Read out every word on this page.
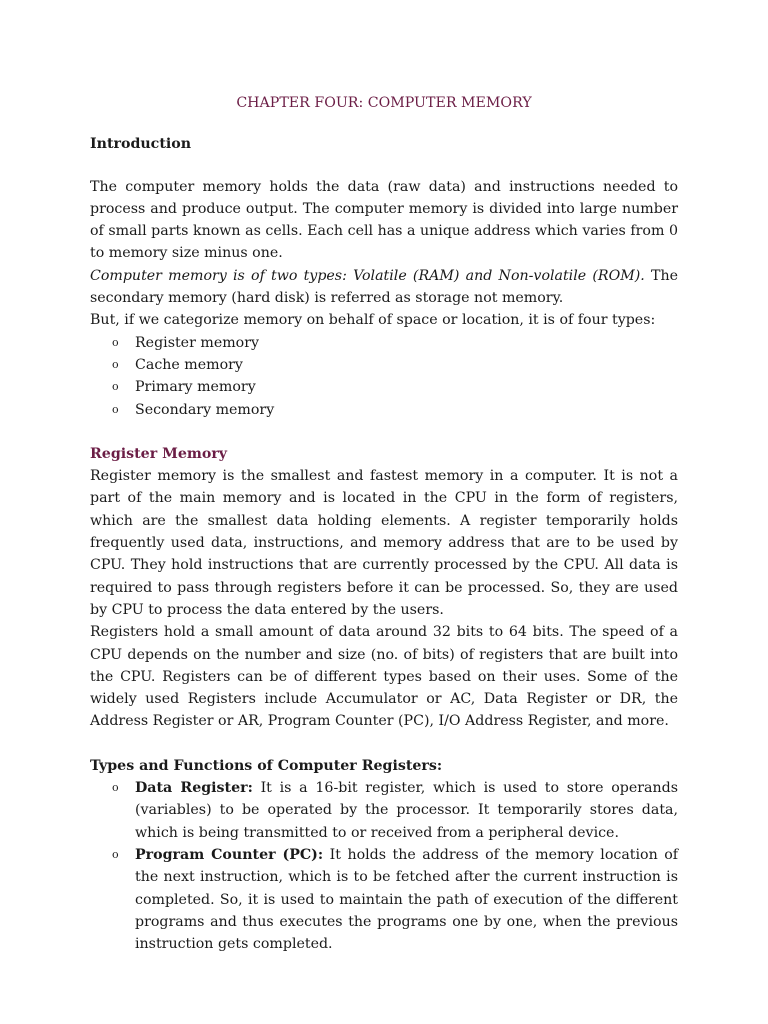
CHAPTER FOUR: COMPUTER MEMORY
Introduction

The computer memory holds the data (raw data) and instructions needed to process and produce output. The computer memory is divided into large number of small parts known as cells. Each cell has a unique address which varies from 0 to memory size minus one.

Computer memory is of two types: Volatile (RAM) and Non-volatile (ROM). The secondary memory (hard disk) is referred as storage not memory.

But, if we categorize memory on behalf of space or location, it is of four types:

o Register memory
o Cache memory
o Primary memory
o Secondary memory
Register Memory

Register memory is the smallest and fastest memory in a computer. It is not a part of the main memory and is located in the CPU in the form of registers, which are the smallest data holding elements. A register temporarily holds frequently used data, instructions, and memory address that are to be used by CPU. They hold instructions that are currently processed by the CPU. All data is required to pass through registers before it can be processed. So, they are used by CPU to process the data entered by the users.

Registers hold a small amount of data around 32 bits to 64 bits. The speed of a CPU depends on the number and size (no. of bits) of registers that are built into the CPU. Registers can be of different types based on their uses. Some of the widely used Registers include Accumulator or AC, Data Register or DR, the Address Register or AR, Program Counter (PC), I/O Address Register, and more.

Types and Functions of Computer Registers:
o Data Register: It is a 16-bit register, which is used to store operands (variables) to be operated by the processor. It temporarily stores data, which is being transmitted to or received from a peripheral device.
o Program Counter (PC): It holds the address of the memory location of the next instruction, which is to be fetched after the current instruction is completed. So, it is used to maintain the path of execution of the different programs and thus executes the programs one by one, when the previous instruction gets completed.
